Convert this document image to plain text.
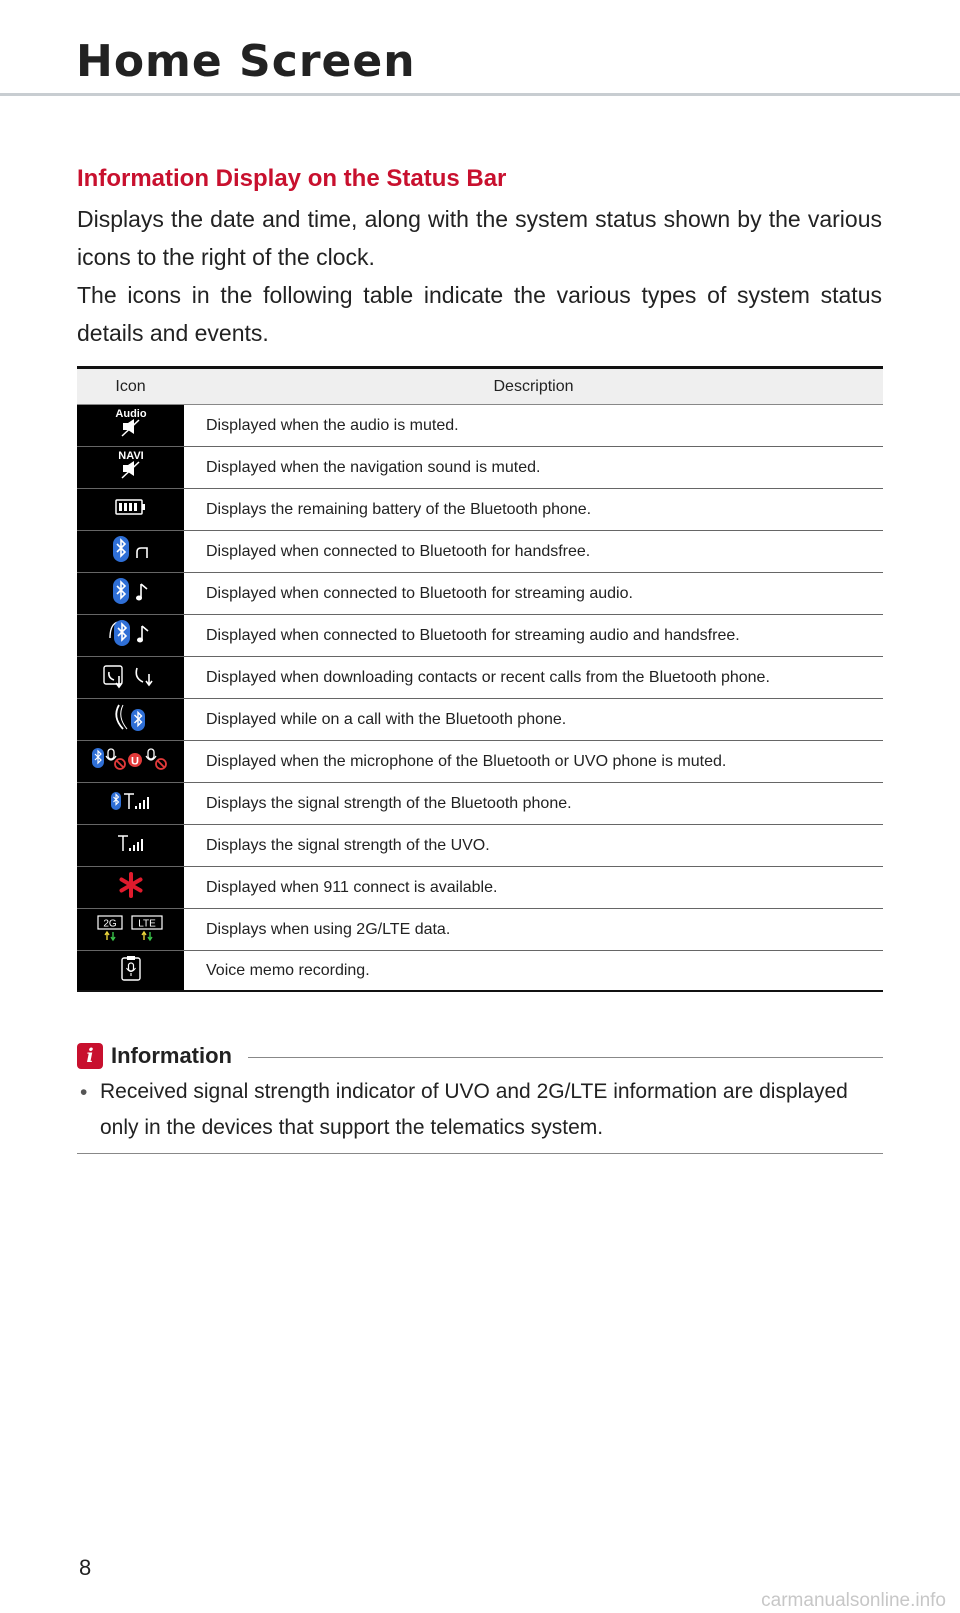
Home Screen
Information Display on the Status Bar

Displays the date and time, along with the system status shown by the various icons to the right of the clock.

The icons in the following table indicate the various types of system status details and events.

Icon	Description

Audio	Displayed when the audio is muted.

NAVI	Displayed when the navigation sound is muted.

	Displays the remaining battery of the Bluetooth phone.

	Displayed when connected to Bluetooth for handsfree.

	Displayed when connected to Bluetooth for streaming audio.

	Displayed when connected to Bluetooth for streaming audio and handsfree.

	Displayed when downloading contacts or recent calls from the Bluetooth phone.

	Displayed while on a call with the Bluetooth phone.

U	Displayed when the microphone of the Bluetooth or UVO phone is muted.

	Displays the signal strength of the Bluetooth phone.

	Displays the signal strength of the UVO.

	Displayed when 911 connect is available.

2G LTE	Displays when using 2G/LTE data.

	Voice memo recording.
i Information
• Received signal strength indicator of UVO and 2G/LTE information are displayed only in the devices that support the telematics system.

8
carmanualsonline.info
